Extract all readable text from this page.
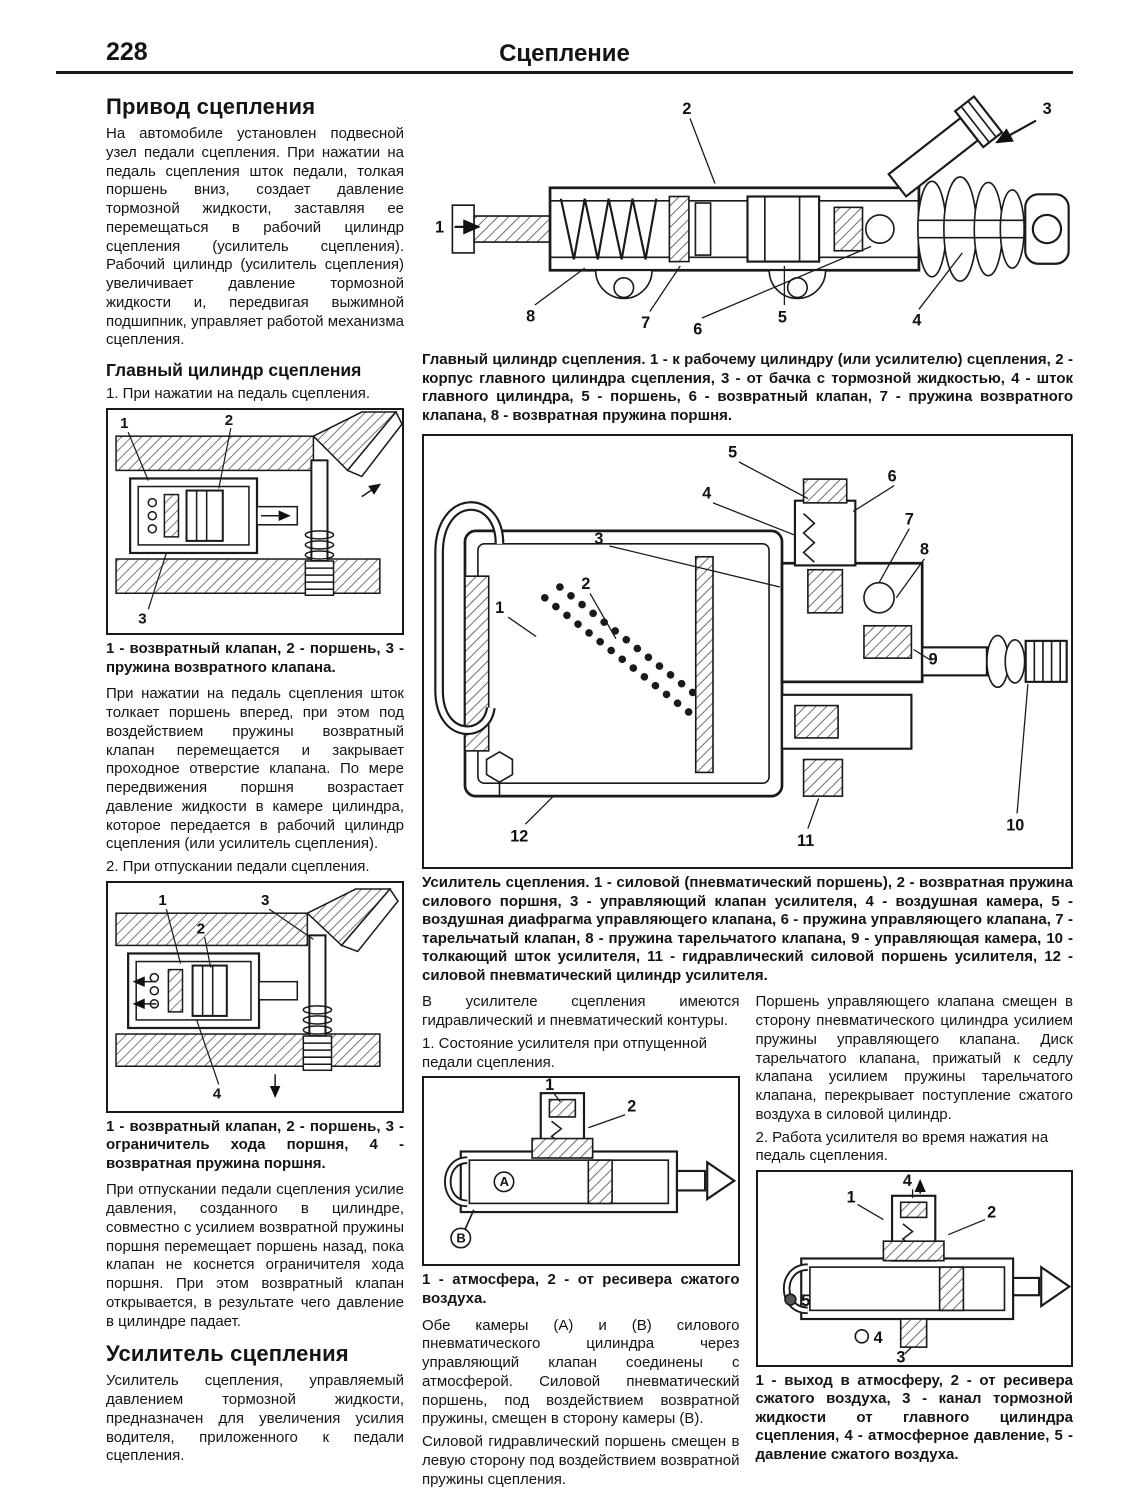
228	Сцепление
Привод сцепления

На автомобиле установлен подвесной узел педали сцепления. При нажатии на педаль сцепления шток педали, толкая поршень вниз, создает давление тормозной жидкости, заставляя ее перемещаться в рабочий цилиндр сцепления (усилитель сцепления). Рабочий цилиндр (усилитель сцепления) увеличивает давление тормозной жидкости и, передвигая выжимной подшипник, управляет работой механизма сцепления.

Главный цилиндр сцепления

1. При нажатии на педаль сцепления.

1	2
3

1 - возвратный клапан, 2 - поршень, 3 - пружина возвратного клапана.

При нажатии на педаль сцепления шток толкает поршень вперед, при этом под воздействием пружины возвратный клапан перемещается и закрывает проходное отверстие клапана. По мере передвижения поршня возрастает давление жидкости в камере цилиндра, которое передается в рабочий цилиндр сцепления (или усилитель сцепления).

2. При отпускании педали сцепления.

1
2
3
4

1 - возвратный клапан, 2 - поршень, 3 - ограничитель хода поршня, 4 - возвратная пружина поршня.

При отпускании педали сцепления усилие давления, созданного в цилиндре, совместно с усилием возвратной пружины поршня перемещает поршень назад, пока клапан не коснется ограничителя хода поршня. При этом возвратный клапан открывается, в результате чего давление в цилиндре падает.

Усилитель сцепления

Усилитель сцепления, управляемый давлением тормозной жидкости, предназначен для увеличения усилия водителя, приложенного к педали сцепления.

1
2	3
4
5
6
7
8

Главный цилиндр сцепления. 1 - к рабочему цилиндру (или усилителю) сцепления, 2 - корпус главного цилиндра сцепления, 3 - от бачка с тормозной жидкостью, 4 - шток главного цилиндра, 5 - поршень, 6 - возвратный клапан, 7 - пружина возвратного клапана, 8 - возвратная пружина поршня.

1
2
3
4
5
6
7
8
9
10
11
12

Усилитель сцепления. 1 - силовой (пневматический поршень), 2 - возвратная пружина силового поршня, 3 - управляющий клапан усилителя, 4 - воздушная камера, 5 - воздушная диафрагма управляющего клапана, 6 - пружина управляющего клапана, 7 - тарельчатый клапан, 8 - пружина тарельчатого клапана, 9 - управляющая камера, 10 - толкающий шток усилителя, 11 - гидравлический силовой поршень усилителя, 12 - силовой пневматический цилиндр усилителя.

В усилителе сцепления имеются гидравлический и пневматический контуры.

1. Состояние усилителя при отпущенной педали сцепления.

1
2
A
B

1 - атмосфера, 2 - от ресивера сжатого воздуха.

Обе камеры (А) и (В) силового пневматического цилиндра через управляющий клапан соединены с атмосферой. Силовой пневматический поршень, под воздействием возвратной пружины, смещен в сторону камеры (В).

Силовой гидравлический поршень смещен в левую сторону под воздействием возвратной пружины сцепления.

Поршень управляющего клапана смещен в сторону пневматического цилиндра усилием пружины управляющего клапана. Диск тарельчатого клапана, прижатый к седлу клапана усилием пружины тарельчатого клапана, перекрывает поступление сжатого воздуха в силовой цилиндр.

2. Работа усилителя во время нажатия на педаль сцепления.

4
1
2
5
4
3

1 - выход в атмосферу, 2 - от ресивера сжатого воздуха, 3 - канал тормозной жидкости от главного цилиндра сцепления, 4 - атмосферное давление, 5 - давление сжатого воздуха.
